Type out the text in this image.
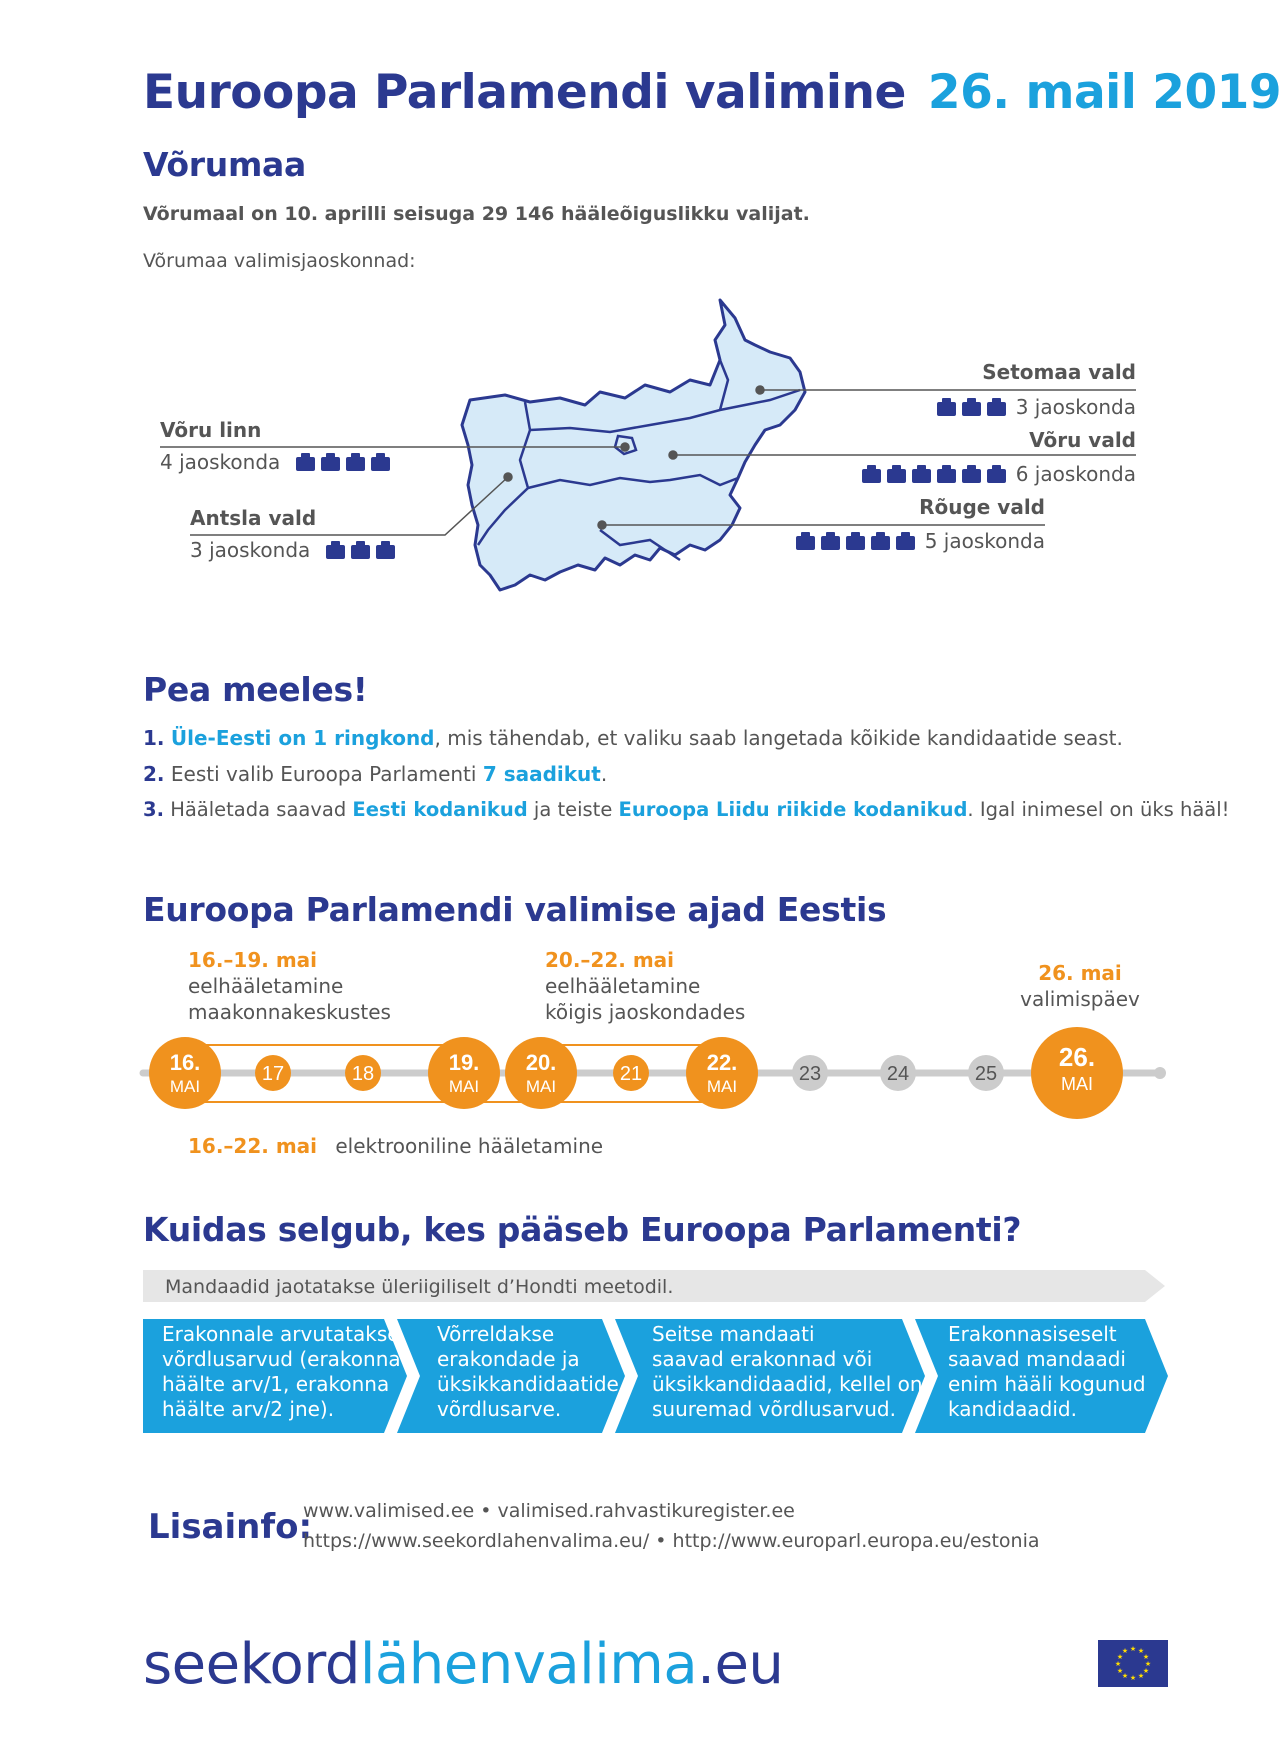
Euroopa Parlamendi valimine 26. mail 2019
Võrumaa
Võrumaal on 10. aprilli seisuga 29 146 hääleõiguslikku valijat.
Võrumaa valimisjaoskonnad:
Setomaa vald
3 jaoskonda
Võru linn
4 jaoskonda
Võru vald
6 jaoskonda
Antsla vald
3 jaoskonda
Rõuge vald
5 jaoskonda
Pea meeles!
1. Üle-Eesti on 1 ringkond, mis tähendab, et valiku saab langetada kõikide kandidaatide seast.
2. Eesti valib Euroopa Parlamenti 7 saadikut.
3. Hääletada saavad Eesti kodanikud ja teiste Euroopa Liidu riikide kodanikud. Igal inimesel on üks hääl!
Euroopa Parlamendi valimise ajad Eestis
16.–19. mai
eelhääletamine
maakonnakeskustes
20.–22. mai
eelhääletamine
kõigis jaoskondades
26. mai
valimispäev
16.
MAI
17	18	19.
MAI
20.
MAI
21	22.
MAI
23	24	25
26.
MAI
16.–22. mai elektrooniline hääletamine
Kuidas selgub, kes pääseb Euroopa Parlamenti?
Mandaadid jaotatakse üleriigiliselt d’Hondti meetodil.
Erakonnale arvutatakse
võrdlusarvud (erakonna
häälte arv/1, erakonna
häälte arv/2 jne).
Võrreldakse
erakondade ja
üksikkandidaatide
võrdlusarve.
Seitse mandaati
saavad erakonnad või
üksikkandidaadid, kellel on
suuremad võrdlusarvud.
Erakonnasiseselt
saavad mandaadi
enim hääli kogunud
kandidaadid.
Lisainfo:
www.valimised.ee • valimised.rahvastikuregister.ee
https://www.seekordlahenvalima.eu/ • http://www.europarl.europa.eu/estonia
seekordlähenvalima.eu	★ ★
★
★
★
★
★
★
★
★
★
★
